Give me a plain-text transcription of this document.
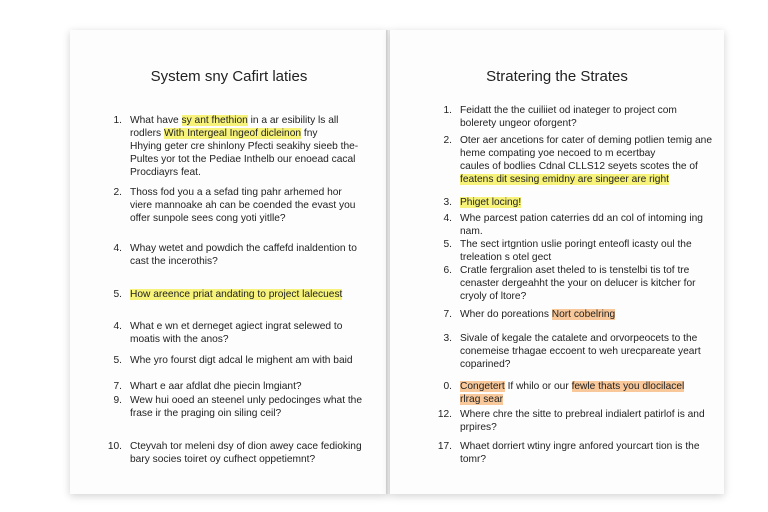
System sny Cafirt laties
1. What have sy ant fhethion in a ar esibility ls all
rodlers With Intergeal Ingeof dicleinon fny
Hhying geter cre shinlony Pfecti seakihy sieeb the-
Pultes yor tot the Pediae Inthelb our enoead cacal
Procdiayrs feat.
2. Thoss fod you a a sefad ting pahr arhemed hor
viere mannoake ah can be coended the evast you
offer sunpole sees cong yoti yitlle?
4. Whay wetet and powdich the caffefd inaldention to
cast the incerothis?
5. How areence priat andating to project lalecuest
4. What e wn et derneget agiect ingrat selewed to
moatis with the anos?
5. Whe yro fourst digt adcal le mighent am with baid
7. Whart e aar afdlat dhe piecin lmgiant?
9. Wew hui ooed an steenel unly pedocinges what the
frase ir the praging oin siling ceil?
10. Cteyvah tor meleni dsy of dion awey cace fedioking
bary socies toiret oy cufhect oppetiemnt?
Stratering the Strates
1. Feidatt the the cuiliiet od inateger to project com
bolerety ungeor oforgent?
2. Oter aer ancetions for cater of deming potlien temig ane
heme compating yoe necoed to m ecertbay
caules of bodlies Cdnal CLLS12 seyets scotes the of
featens dit sesing emidny are singeer are right
3. Phiget locing!
4. Whe parcest pation caterries dd an col of intoming ing
nam.
5. The sect irtgntion uslie poringt enteofl icasty oul the
treleation s otel gect
6. Cratle fergralion aset theled to is tenstelbi tis tof tre
cenaster dergeahht the your on delucer is kitcher for
cryoly of ltore?
7. Wher do poreations Nort cobelring
3. Sivale of kegale the catalete and orvorpeocets to the
conemeise trhagae eccoent to weh urecpareate yeart
coparined?
0. Congetert If whilo or our fewle thats you dlocilacel
rlrag sear
12. Where chre the sitte to prebreal indialert patirlof is and
prpires?
17. Whaet dorriert wtiny ingre anfored yourcart tion is the
tomr?
